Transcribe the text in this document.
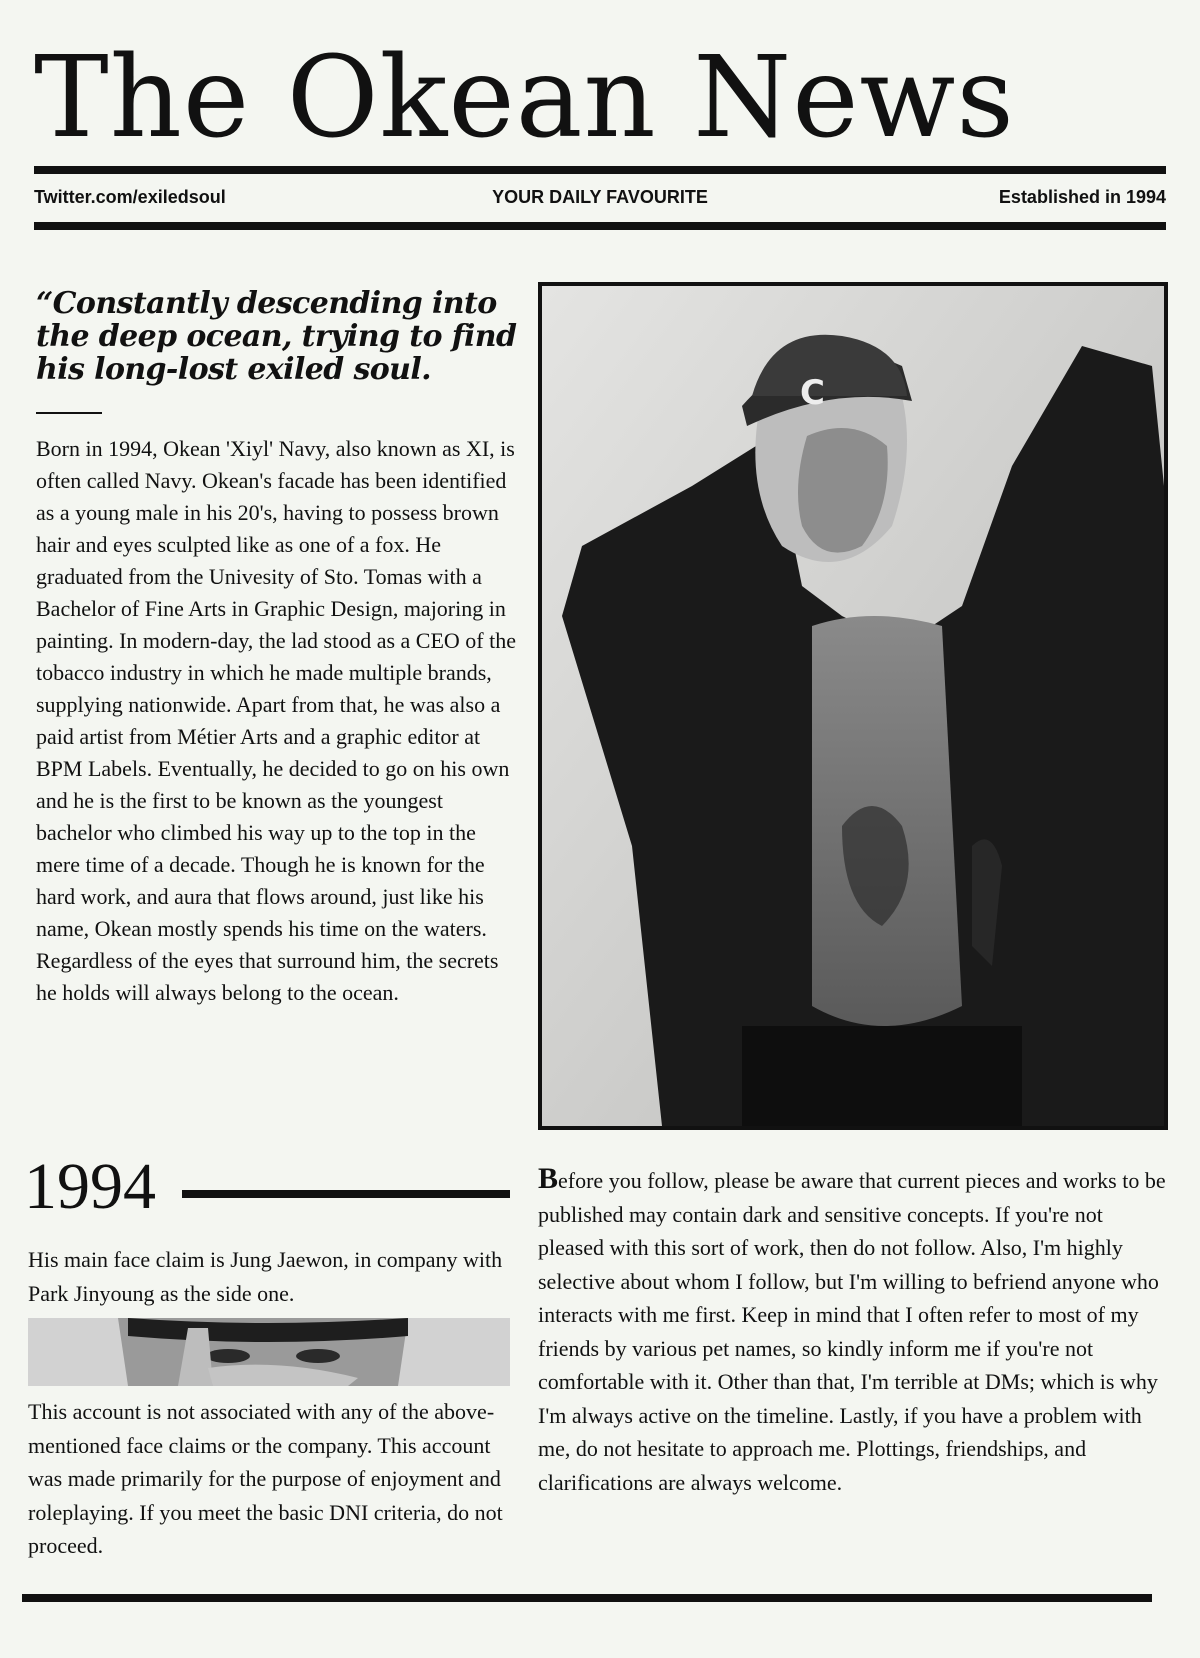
The Okean News
Twitter.com/exiledsoul	YOUR DAILY FAVOURITE	Established in 1994
“Constantly descending into the deep ocean, trying to find his long-lost exiled soul.
Born in 1994, Okean 'Xiyl' Navy, also known as XI, is often called Navy. Okean's facade has been identified as a young male in his 20's, having to possess brown hair and eyes sculpted like as one of a fox. He graduated from the Univesity of Sto. Tomas with a Bachelor of Fine Arts in Graphic Design, majoring in painting. In modern-day, the lad stood as a CEO of the tobacco industry in which he made multiple brands, supplying nationwide. Apart from that, he was also a paid artist from Métier Arts and a graphic editor at BPM Labels. Eventually, he decided to go on his own and he is the first to be known as the youngest bachelor who climbed his way up to the top in the mere time of a decade. Though he is known for the hard work, and aura that flows around, just like his name, Okean mostly spends his time on the waters. Regardless of the eyes that surround him, the secrets he holds will always belong to the ocean.
C
1994
His main face claim is Jung Jaewon, in company with Park Jinyoung as the side one.
This account is not associated with any of the above-mentioned face claims or the company. This account was made primarily for the purpose of enjoyment and roleplaying. If you meet the basic DNI criteria, do not proceed.
Before you follow, please be aware that current pieces and works to be published may contain dark and sensitive concepts. If you're not pleased with this sort of work, then do not follow. Also, I'm highly selective about whom I follow, but I'm willing to befriend anyone who interacts with me first. Keep in mind that I often refer to most of my friends by various pet names, so kindly inform me if you're not comfortable with it. Other than that, I'm terrible at DMs; which is why I'm always active on the timeline. Lastly, if you have a problem with me, do not hesitate to approach me. Plottings, friendships, and clarifications are always welcome.
